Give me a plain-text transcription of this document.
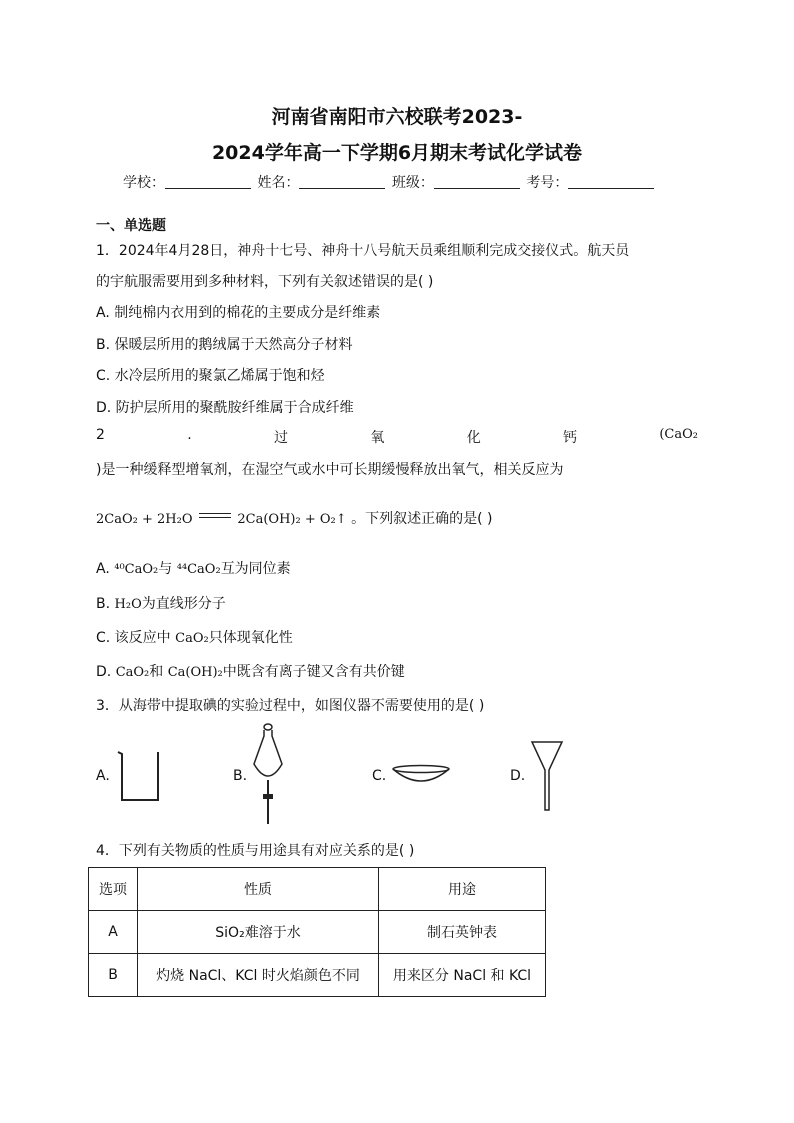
河南省南阳市六校联考2023-
2024学年高一下学期6月期末考试化学试卷
学校：	姓名：	班级：	考号：
一、单选题
1．2024年4月28日，神舟十七号、神舟十八号航天员乘组顺利完成交接仪式。航天员
的宇航服需要用到多种材料，下列有关叙述错误的是( )
A. 制纯棉内衣用到的棉花的主要成分是纤维素
B. 保暖层所用的鹅绒属于天然高分子材料
C. 水冷层所用的聚氯乙烯属于饱和烃
D. 防护层所用的聚酰胺纤维属于合成纤维
2	.	过	氧	化	钙	(CaO₂
)是一种缓释型增氧剂，在湿空气或水中可长期缓慢释放出氧气，相关反应为
2CaO₂ + 2H₂O	2Ca(OH)₂ + O₂↑ 。下列叙述正确的是( )
A. ⁴⁰CaO₂与 ⁴⁴CaO₂互为同位素
B. H₂O为直线形分子
C. 该反应中 CaO₂只体现氧化性
D. CaO₂和 Ca(OH)₂中既含有离子键又含有共价键
3．从海带中提取碘的实验过程中，如图仪器不需要使用的是( )
A.	B.	C.	D.
4．下列有关物质的性质与用途具有对应关系的是( )
选项	性质	用途
A	SiO₂难溶于水	制石英钟表
B	灼烧 NaCl、KCl 时火焰颜色不同	用来区分 NaCl 和 KCl
